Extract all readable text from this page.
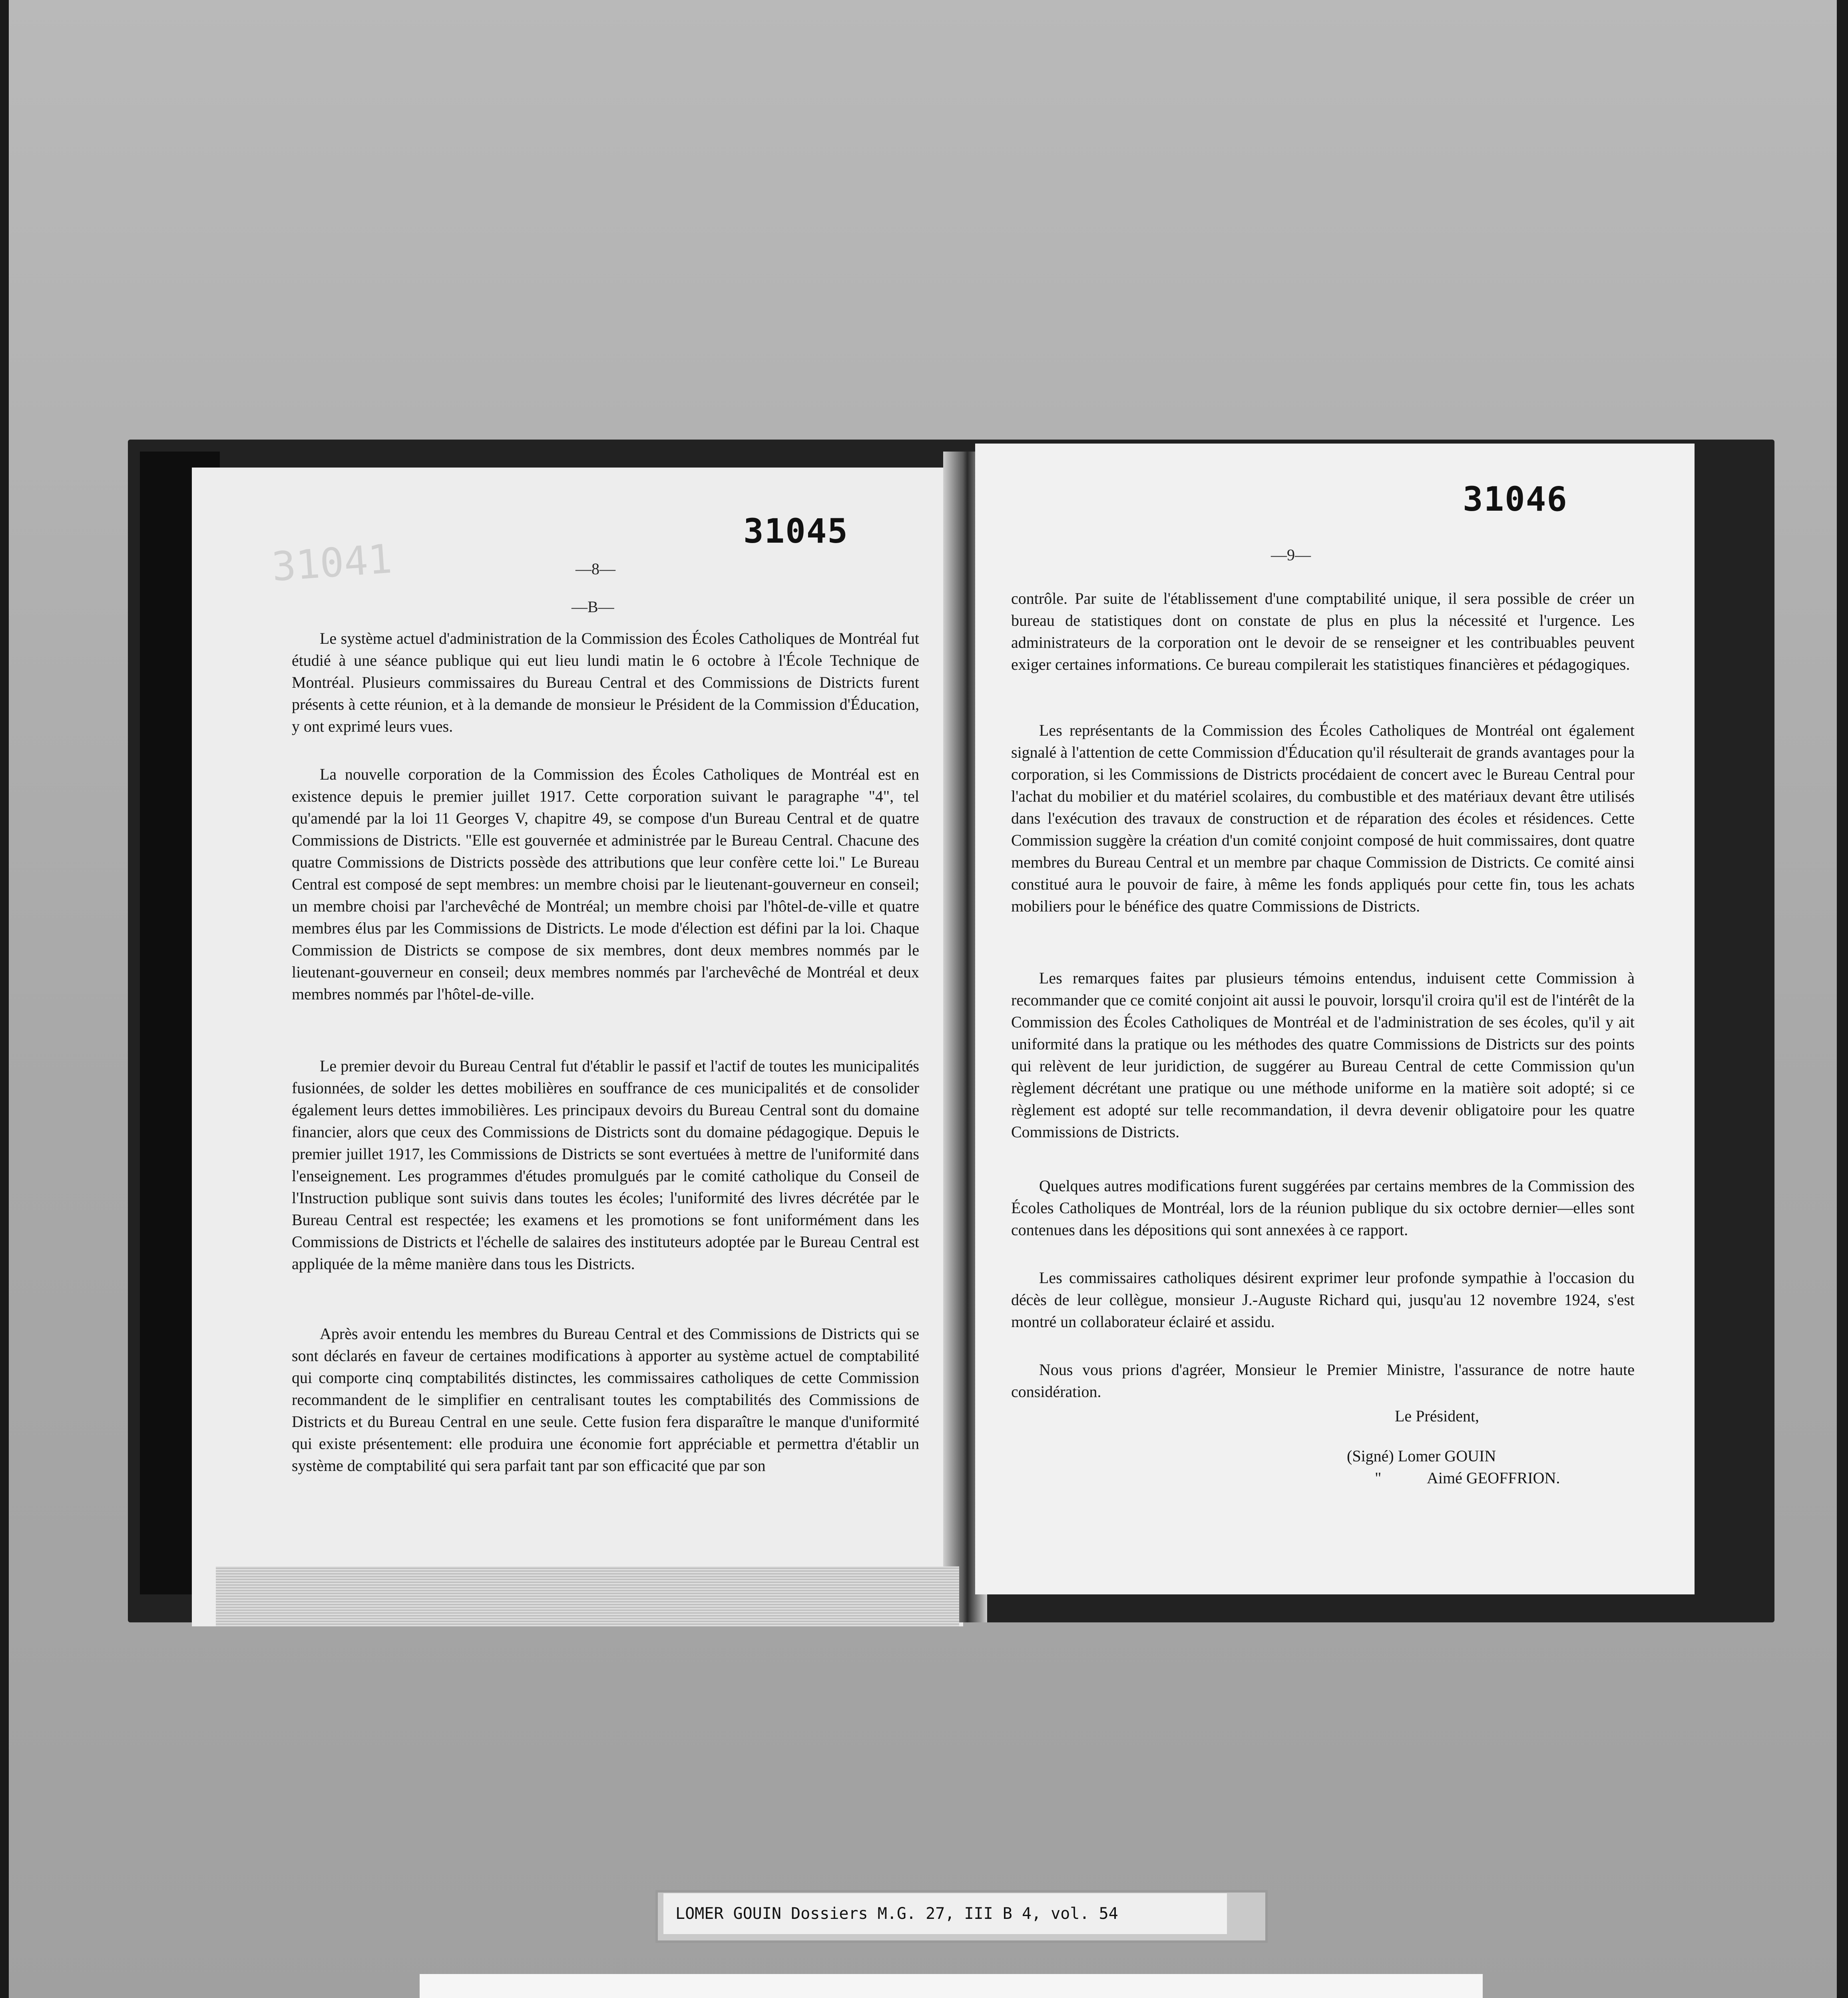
31041
31045
—8—
—B—

Le système actuel d'administration de la Commission des Écoles Catholiques de Montréal fut étudié à une séance publique qui eut lieu lundi matin le 6 octobre à l'École Technique de Montréal. Plusieurs commissaires du Bureau Central et des Commissions de Districts furent présents à cette réunion, et à la demande de monsieur le Président de la Commission d'Éducation, y ont exprimé leurs vues.

La nouvelle corporation de la Commission des Écoles Catholiques de Montréal est en existence depuis le premier juillet 1917. Cette corporation suivant le paragraphe "4", tel qu'amendé par la loi 11 Georges V, chapitre 49, se compose d'un Bureau Central et de quatre Commissions de Districts. "Elle est gouvernée et administrée par le Bureau Central. Chacune des quatre Commissions de Districts possède des attributions que leur confère cette loi." Le Bureau Central est composé de sept membres: un membre choisi par le lieutenant-gouverneur en conseil; un membre choisi par l'archevêché de Montréal; un membre choisi par l'hôtel-de-ville et quatre membres élus par les Commissions de Districts. Le mode d'élection est défini par la loi. Chaque Commission de Districts se compose de six membres, dont deux membres nommés par le lieutenant-gouverneur en conseil; deux membres nommés par l'archevêché de Montréal et deux membres nommés par l'hôtel-de-ville.

Le premier devoir du Bureau Central fut d'établir le passif et l'actif de toutes les municipalités fusionnées, de solder les dettes mobilières en souffrance de ces municipalités et de consolider également leurs dettes immobilières. Les principaux devoirs du Bureau Central sont du domaine financier, alors que ceux des Commissions de Districts sont du domaine pédagogique. Depuis le premier juillet 1917, les Commissions de Districts se sont evertuées à mettre de l'uniformité dans l'enseignement. Les programmes d'études promulgués par le comité catholique du Conseil de l'Instruction publique sont suivis dans toutes les écoles; l'uniformité des livres décrétée par le Bureau Central est respectée; les examens et les promotions se font uniformément dans les Commissions de Districts et l'échelle de salaires des instituteurs adoptée par le Bureau Central est appliquée de la même manière dans tous les Districts.

Après avoir entendu les membres du Bureau Central et des Commissions de Districts qui se sont déclarés en faveur de certaines modifications à apporter au système actuel de comptabilité qui comporte cinq comptabilités distinctes, les commissaires catholiques de cette Commission recommandent de le simplifier en centralisant toutes les comptabilités des Commissions de Districts et du Bureau Central en une seule. Cette fusion fera disparaître le manque d'uniformité qui existe présentement: elle produira une économie fort appréciable et permettra d'établir un système de comptabilité qui sera parfait tant par son efficacité que par son

31046
—9—

contrôle. Par suite de l'établissement d'une comptabilité unique, il sera possible de créer un bureau de statistiques dont on constate de plus en plus la nécessité et l'urgence. Les administrateurs de la corporation ont le devoir de se renseigner et les contribuables peuvent exiger certaines informations. Ce bureau compilerait les statistiques financières et pédagogiques.

Les représentants de la Commission des Écoles Catholiques de Montréal ont également signalé à l'attention de cette Commission d'Éducation qu'il résulterait de grands avantages pour la corporation, si les Commissions de Districts procédaient de concert avec le Bureau Central pour l'achat du mobilier et du matériel scolaires, du combustible et des matériaux devant être utilisés dans l'exécution des travaux de construction et de réparation des écoles et résidences. Cette Commission suggère la création d'un comité conjoint composé de huit commissaires, dont quatre membres du Bureau Central et un membre par chaque Commission de Districts. Ce comité ainsi constitué aura le pouvoir de faire, à même les fonds appliqués pour cette fin, tous les achats mobiliers pour le bénéfice des quatre Commissions de Districts.

Les remarques faites par plusieurs témoins entendus, induisent cette Commission à recommander que ce comité conjoint ait aussi le pouvoir, lorsqu'il croira qu'il est de l'intérêt de la Commission des Écoles Catholiques de Montréal et de l'administration de ses écoles, qu'il y ait uniformité dans la pratique ou les méthodes des quatre Commissions de Districts sur des points qui relèvent de leur juridiction, de suggérer au Bureau Central de cette Commission qu'un règlement décrétant une pratique ou une méthode uniforme en la matière soit adopté; si ce règlement est adopté sur telle recommandation, il devra devenir obligatoire pour les quatre Commissions de Districts.

Quelques autres modifications furent suggérées par certains membres de la Commission des Écoles Catholiques de Montréal, lors de la réunion publique du six octobre dernier—elles sont contenues dans les dépositions qui sont annexées à ce rapport.

Les commissaires catholiques désirent exprimer leur profonde sympathie à l'occasion du décès de leur collègue, monsieur J.-Auguste Richard qui, jusqu'au 12 novembre 1924, s'est montré un collaborateur éclairé et assidu.

Nous vous prions d'agréer, Monsieur le Premier Ministre, l'assurance de notre haute considération.

Le Président,
(Signé) Lomer GOUIN
"	Aimé GEOFFRION.
LOMER GOUIN Dossiers M.G. 27, III B 4, vol. 54
